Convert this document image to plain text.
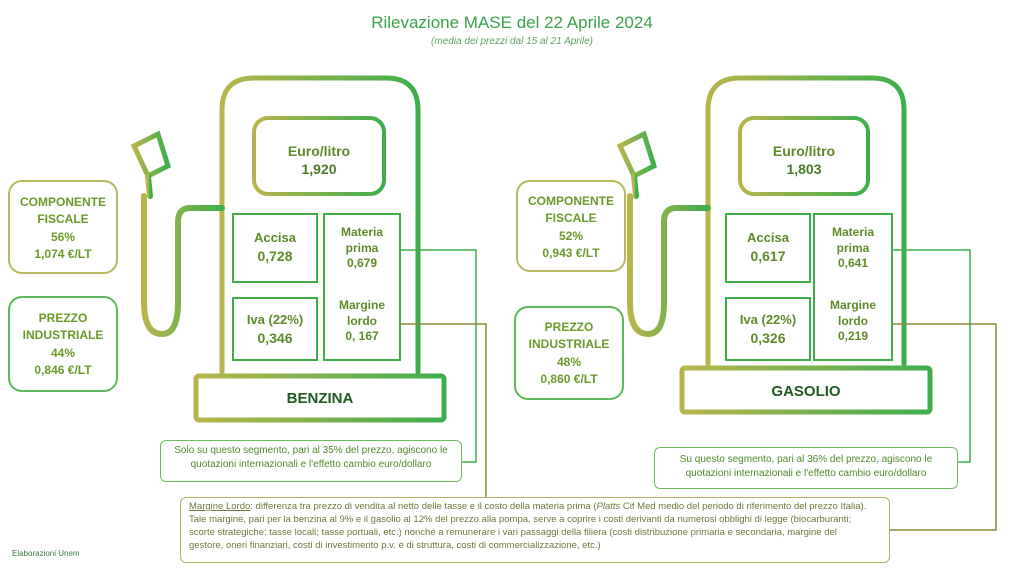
Rilevazione MASE del 22 Aprile 2024
(media dei prezzi dal 15 al 21 Aprile)
Euro/litro
1,920
Accisa
0,728
Iva (22%)
0,346
Materia
prima
0,679
Margine
lordo
0, 167
BENZINA
COMPONENTE
FISCALE
56%
1,074 €/LT
PREZZO
INDUSTRIALE
44%
0,846 €/LT
Solo su questo segmento, pari al 35% del prezzo, agiscono le
quotazioni internazionali e l'effetto cambio euro/dollaro
Euro/litro
1,803
Accisa
0,617
Iva (22%)
0,326
Materia
prima
0,641
Margine
lordo
0,219
GASOLIO
COMPONENTE
FISCALE
52%
0,943 €/LT
PREZZO
INDUSTRIALE
48%
0,860 €/LT
Su questo segmento, pari al 36% del prezzo, agiscono le
quotazioni internazionali e l'effetto cambio euro/dollaro
Margine Lordo: differenza tra prezzo di vendita al netto delle tasse e il costo della materia prima (Platts Cif Med medio del periodo di riferimento del prezzo Italia).
Tale margine, pari per la benzina al 9% e il gasolio al 12% del prezzo alla pompa, serve a coprire i costi derivanti da numerosi obblighi di legge (biocarburanti;
scorte strategiche; tasse locali; tasse portuali, etc.) nonché a remunerare i vari passaggi della filiera (costi distribuzione primaria e secondaria, margine del
gestore, oneri finanziari, costi di investimento p.v. e di struttura, costi di commercializzazione, etc.)
Elaborazioni Unem
